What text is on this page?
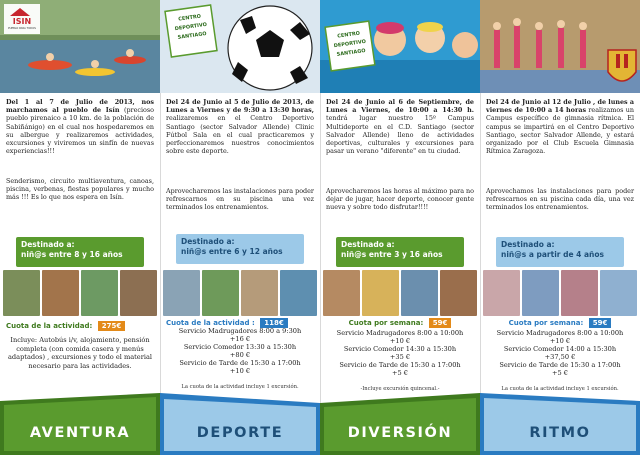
ISIN
PUEBLO PARA TODOS
Del 1 al 7 de Julio de 2013, nos marchamos al pueblo de Isín (precioso pueblo pirenaico a 10 km. de la población de Sabiñánigo) en el cual nos hospedaremos en su albergue y realizaremos actividades, excursiones y viviremos un sinfín de nuevas experiencias!!!
Senderismo, circuito multiaventura, canoas, piscina, verbenas, fiestas populares y mucho más !!! Es lo que nos espera en Isín.
Destinado a:
niñ@s entre 8 y 16 años
Cuota de la actividad: 275€
Incluye: Autobús i/v, alojamiento, pensión completa (con comida casera y menús adaptados) , excursiones y todo el material necesario para las actividades.
AVENTURA
CENTRO
DEPORTIVO
SANTIAGO
Del 24 de Junio al 5 de Julio de 2013, de Lunes a Viernes y de 9:30 a 13:30 horas, realizaremos en el Centro Deportivo Santiago (sector Salvador Allende) Clinic Fútbol Sala en el cual practicaremos y perfeccionaremos nuestros conocimientos sobre este deporte.
Aprovecharemos las instalaciones para poder refrescarnos en su piscina una vez terminados los entrenamientos.
Destinado a:
niñ@s entre 6 y 12 años
Cuota de la actividad : 118€
Servicio Madrugadores 8:00 a 9:30h
+16 €
Servicio Comedor 13:30 a 15:30h
+80 €
Servicio de Tarde de 15:30 a 17:00h
+10 €
La cuota de la actividad incluye 1 excursión.
DEPORTE
CENTRO
DEPORTIVO
SANTIAGO
Del 24 de Junio al 6 de Septiembre, de Lunes a Viernes, de 10:00 a 14:30 h. tendrá lugar nuestro 15º Campus Multideporte en el C.D. Santiago (sector Salvador Allende) lleno de actividades deportivas, culturales y excursiones para pasar un verano "diferente" en tu ciudad.
Aprovecharemos las horas al máximo para no dejar de jugar, hacer deporte, conocer gente nueva y sobre todo disfrutar!!!!
Destinado a:
niñ@s entre 3 y 16 años
Cuota por semana: 59€
Servicio Madrugadores 8:00 a 10:00h
+10 €
Servicio Comedor 14:30 a 15:30h
+35 €
Servicio de Tarde de 15:30 a 17:00h
+5 €
-Incluye excursión quincenal.-
DIVERSIÓN
Del 24 de Junio al 12 de Julio , de lunes a viernes de 10:00 a 14 horas realizamos un Campus específico de gimnasia rítmica. El campus se impartirá en el Centro Deportivo Santiago, sector Salvador Allende, y estará organizado por el Club Escuela Gimnasia Rítmica Zaragoza.
Aprovechamos las instalaciones para poder refrescarnos en su piscina cada día, una vez terminados los entrenamientos.
Destinado a:
niñ@s a partir de 4 años
Cuota por semana: 59€
Servicio Madrugadores 8:00 a 10:00h
+10 €
Servicio Comedor 14:00 a 15:30h
+37,50 €
Servicio de Tarde de 15:30 a 17:00h
+5 €
La cuota de la actividad incluye 1 excursión.
RITMO
